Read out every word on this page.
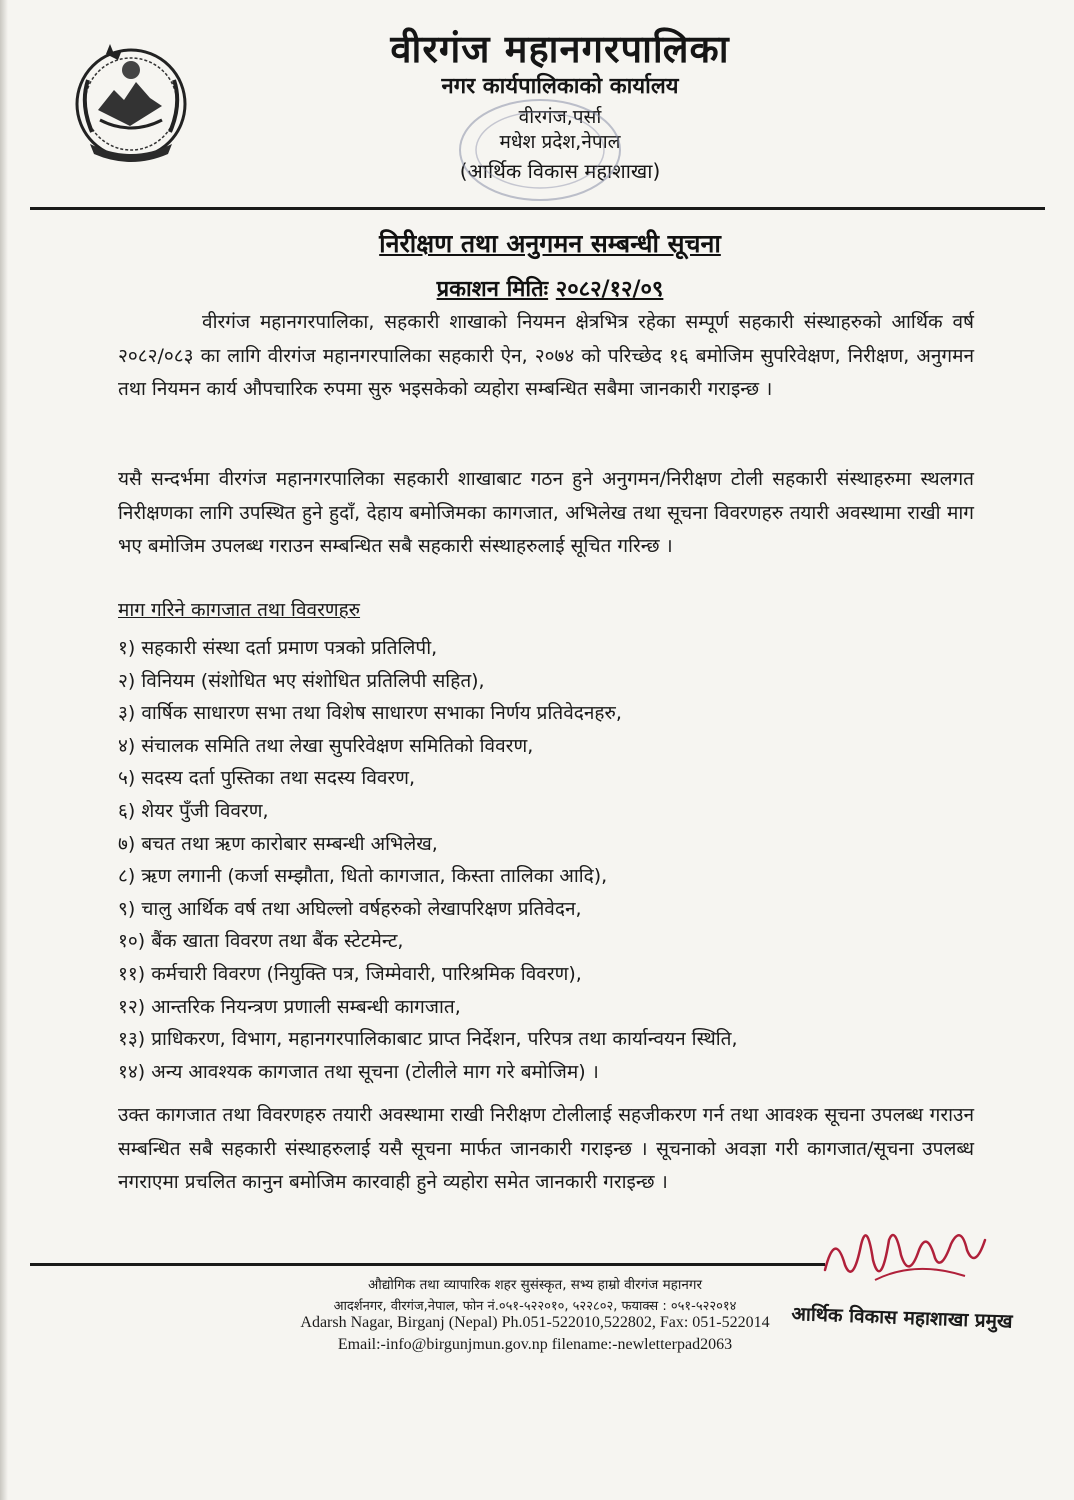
वीरगंज महानगरपालिका
नगर कार्यपालिकाको कार्यालय
वीरगंज,पर्सा
मधेश प्रदेश,नेपाल
(आर्थिक विकास महाशाखा)
निरीक्षण तथा अनुगमन सम्बन्धी सूचना
प्रकाशन मितिः २०८२/१२/०९
वीरगंज महानगरपालिका, सहकारी शाखाको नियमन क्षेत्रभित्र रहेका सम्पूर्ण सहकारी संस्थाहरुको आर्थिक वर्ष २०८२/०८३ का लागि वीरगंज महानगरपालिका सहकारी ऐन, २०७४ को परिच्छेद १६ बमोजिम सुपरिवेक्षण, निरीक्षण, अनुगमन तथा नियमन कार्य औपचारिक रुपमा सुरु भइसकेको व्यहोरा सम्बन्धित सबैमा जानकारी गराइन्छ ।
यसै सन्दर्भमा वीरगंज महानगरपालिका सहकारी शाखाबाट गठन हुने अनुगमन/निरीक्षण टोली सहकारी संस्थाहरुमा स्थलगत निरीक्षणका लागि उपस्थित हुने हुदाँ, देहाय बमोजिमका कागजात, अभिलेख तथा सूचना विवरणहरु तयारी अवस्थामा राखी माग भए बमोजिम उपलब्ध गराउन सम्बन्धित सबै सहकारी संस्थाहरुलाई सूचित गरिन्छ ।
माग गरिने कागजात तथा विवरणहरु
१) सहकारी संस्था दर्ता प्रमाण पत्रको प्रतिलिपी,
२) विनियम (संशोधित भए संशोधित प्रतिलिपी सहित),
३) वार्षिक साधारण सभा तथा विशेष साधारण सभाका निर्णय प्रतिवेदनहरु,
४) संचालक समिति तथा लेखा सुपरिवेक्षण समितिको विवरण,
५) सदस्य दर्ता पुस्तिका तथा सदस्य विवरण,
६) शेयर पुँजी विवरण,
७) बचत तथा ऋण कारोबार सम्बन्धी अभिलेख,
८) ऋण लगानी (कर्जा सम्झौता, धितो कागजात, किस्ता तालिका आदि),
९) चालु आर्थिक वर्ष तथा अघिल्लो वर्षहरुको लेखापरिक्षण प्रतिवेदन,
१०) बैंक खाता विवरण तथा बैंक स्टेटमेन्ट,
११) कर्मचारी विवरण (नियुक्ति पत्र, जिम्मेवारी, पारिश्रमिक विवरण),
१२) आन्तरिक नियन्त्रण प्रणाली सम्बन्धी कागजात,
१३) प्राधिकरण, विभाग, महानगरपालिकाबाट प्राप्त निर्देशन, परिपत्र तथा कार्यान्वयन स्थिति,
१४) अन्य आवश्यक कागजात तथा सूचना (टोलीले माग गरे बमोजिम) ।
उक्त कागजात तथा विवरणहरु तयारी अवस्थामा राखी निरीक्षण टोलीलाई सहजीकरण गर्न तथा आवश्क सूचना उपलब्ध गराउन सम्बन्धित सबै सहकारी संस्थाहरुलाई यसै सूचना मार्फत जानकारी गराइन्छ । सूचनाको अवज्ञा गरी कागजात/सूचना उपलब्ध नगराएमा प्रचलित कानुन बमोजिम कारवाही हुने व्यहोरा समेत जानकारी गराइन्छ ।
औद्योगिक तथा व्यापारिक शहर सुसंस्कृत, सभ्य हाम्रो वीरगंज महानगर
आदर्शनगर, वीरगंज,नेपाल, फोन नं.०५१-५२२०१०, ५२२८०२, फयाक्स : ०५१-५२२०१४
Adarsh Nagar, Birganj (Nepal) Ph.051-522010,522802, Fax: 051-522014
Email:-info@birgunjmun.gov.np filename:-newletterpad2063
आर्थिक विकास महाशाखा प्रमुख
